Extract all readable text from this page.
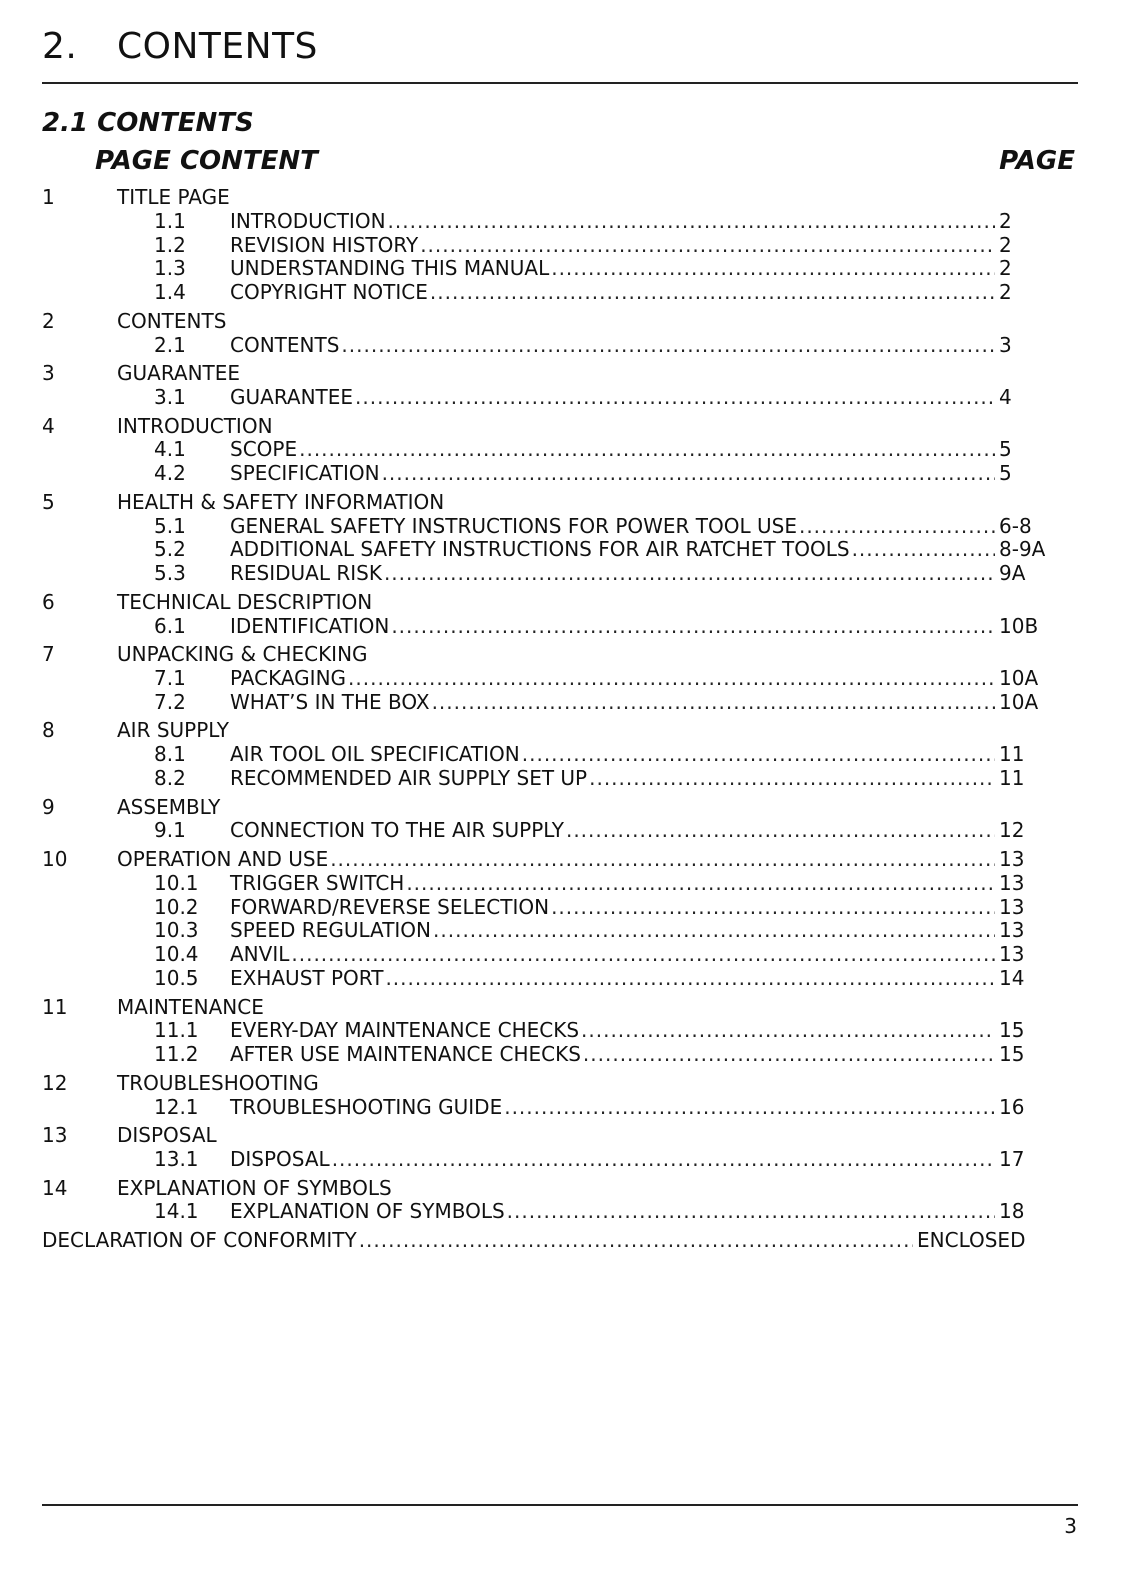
2. CONTENTS
2.1 CONTENTS
PAGE CONTENT	PAGE
1	TITLE PAGE
1.1 INTRODUCTION .....	2
1.2 REVISION HISTORY .....	2
1.3 UNDERSTANDING THIS MANUAL .....	2
1.4 COPYRIGHT NOTICE .....	2
2	CONTENTS
2.1 CONTENTS .....	3
3	GUARANTEE
3.1 GUARANTEE .....	4
4	INTRODUCTION
4.1 SCOPE .....	5
4.2 SPECIFICATION .....	5
5	HEALTH & SAFETY INFORMATION
5.1 GENERAL SAFETY INSTRUCTIONS FOR POWER TOOL USE .....	6-8
5.2 ADDITIONAL SAFETY INSTRUCTIONS FOR AIR RATCHET TOOLS .....	8-9A
5.3 RESIDUAL RISK .....	9A
6	TECHNICAL DESCRIPTION
6.1 IDENTIFICATION .....	10B
7	UNPACKING & CHECKING
7.1 PACKAGING .....	10A
7.2 WHAT’S IN THE BOX .....	10A
8	AIR SUPPLY
8.1 AIR TOOL OIL SPECIFICATION .....	11
8.2 RECOMMENDED AIR SUPPLY SET UP .....	11
9	ASSEMBLY
9.1 CONNECTION TO THE AIR SUPPLY .....	12
10 OPERATION AND USE .....	13
10.1 TRIGGER SWITCH .....	13
10.2 FORWARD/REVERSE SELECTION .....	13
10.3 SPEED REGULATION .....	13
10.4 ANVIL .....	13
10.5 EXHAUST PORT .....	14
11 MAINTENANCE
11.1 EVERY-DAY MAINTENANCE CHECKS .....	15
11.2 AFTER USE MAINTENANCE CHECKS .....	15
12 TROUBLESHOOTING
12.1 TROUBLESHOOTING GUIDE .....	16
13 DISPOSAL
13.1 DISPOSAL .....	17
14 EXPLANATION OF SYMBOLS
14.1 EXPLANATION OF SYMBOLS .....	18
DECLARATION OF CONFORMITY .....	ENCLOSED
3
